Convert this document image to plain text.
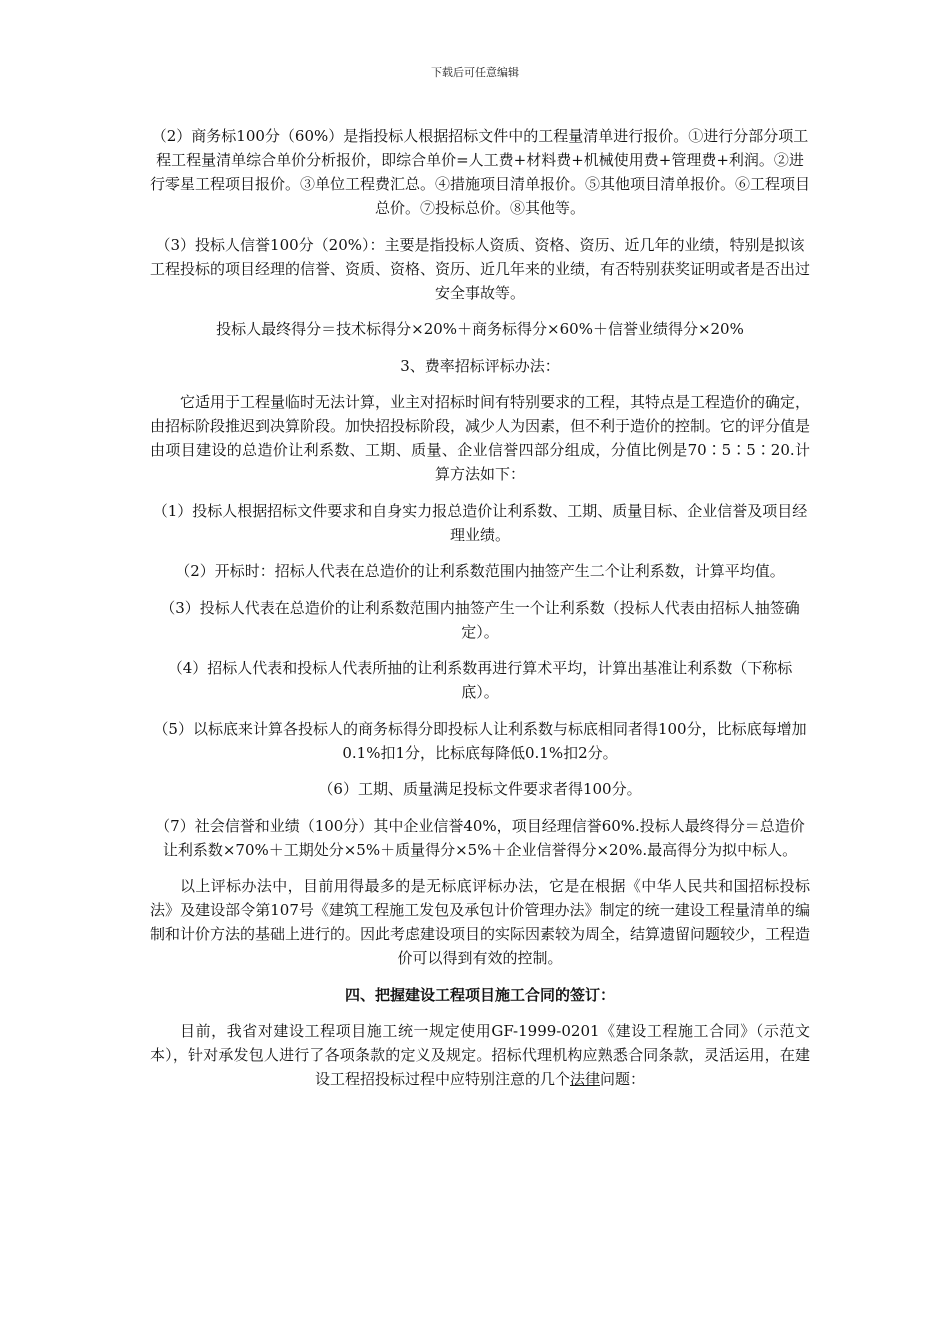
下载后可任意编辑

（2）商务标100分（60%）是指投标人根据招标文件中的工程量清单进行报价。①进行分部分项工程工程量清单综合单价分析报价，即综合单价=人工费+材料费+机械使用费+管理费+利润。②进行零星工程项目报价。③单位工程费汇总。④措施项目清单报价。⑤其他项目清单报价。⑥工程项目总价。⑦投标总价。⑧其他等。

（3）投标人信誉100分（20%）：主要是指投标人资质、资格、资历、近几年的业绩，特别是拟该工程投标的项目经理的信誉、资质、资格、资历、近几年来的业绩，有否特别获奖证明或者是否出过安全事故等。

投标人最终得分＝技术标得分×20%＋商务标得分×60%＋信誉业绩得分×20%

3、费率招标评标办法：

它适用于工程量临时无法计算，业主对招标时间有特别要求的工程，其特点是工程造价的确定，由招标阶段推迟到决算阶段。加快招投标阶段，减少人为因素，但不利于造价的控制。它的评分值是由项目建设的总造价让利系数、工期、质量、企业信誉四部分组成，分值比例是70∶5∶5∶20.计算方法如下：

（1）投标人根据招标文件要求和自身实力报总造价让利系数、工期、质量目标、企业信誉及项目经理业绩。

（2）开标时：招标人代表在总造价的让利系数范围内抽签产生二个让利系数，计算平均值。

（3）投标人代表在总造价的让利系数范围内抽签产生一个让利系数（投标人代表由招标人抽签确定）。

（4）招标人代表和投标人代表所抽的让利系数再进行算术平均，计算出基准让利系数（下称标底）。

（5）以标底来计算各投标人的商务标得分即投标人让利系数与标底相同者得100分，比标底每增加0.1%扣1分，比标底每降低0.1%扣2分。

（6）工期、质量满足投标文件要求者得100分。

（7）社会信誉和业绩（100分）其中企业信誉40%，项目经理信誉60%.投标人最终得分＝总造价让利系数×70%＋工期处分×5%＋质量得分×5%＋企业信誉得分×20%.最高得分为拟中标人。

以上评标办法中，目前用得最多的是无标底评标办法，它是在根据《中华人民共和国招标投标法》及建设部令第107号《建筑工程施工发包及承包计价管理办法》制定的统一建设工程量清单的编制和计价方法的基础上进行的。因此考虑建设项目的实际因素较为周全，结算遗留问题较少，工程造价可以得到有效的控制。

四、把握建设工程项目施工合同的签订：

目前，我省对建设工程项目施工统一规定使用GF-1999-0201《建设工程施工合同》（示范文本），针对承发包人进行了各项条款的定义及规定。招标代理机构应熟悉合同条款，灵活运用，在建设工程招投标过程中应特别注意的几个法律问题：
